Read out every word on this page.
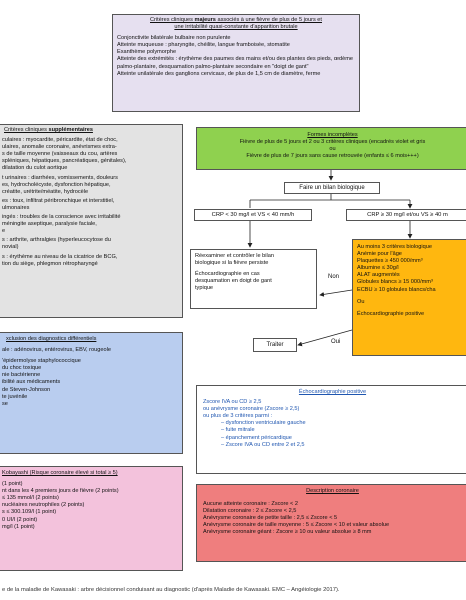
Critères cliniques majeurs associés à une fièvre de plus de 5 jours et
une irritabilité quasi-constante d'apparition brutale
Conjonctivite bilatérale bulbaire non purulente
Atteinte muqueuse : pharyngite, chéilite, langue framboisée, stomatite
Exanthème polymorphe
Atteinte des extrémités : érythème des paumes des mains et/ou des plantes des pieds, œdème
palmo-plantaire, desquamation palmo-plantaire secondaire en "doigt de gant"
Atteinte unilatérale des ganglions cervicaux, de plus de 1,5 cm de diamètre, ferme
Critères cliniques supplémentaires
culaires : myocardite, péricardite, état de choc,
ulaires, anomalie coronaire, anévrismes extra-
s de taille moyenne (vaisseaux du cou, artères
spléniques, hépatiques, pancréatiques, génitales),
dilatation du culot aortique
t urinaires : diarrhées, vomissements, douleurs
es, hydrocholécyste, dysfonction hépatique,
créatite, urétrite/méatite, hydrocèle
es : toux, infiltrat péribronchique et interstitiel,
ulmonaires
ingés : troubles de la conscience avec irritabilité
méningite aseptique, paralysie faciale,
e
s : arthrite, arthralgies (hyperleucocytose du
novial)
s : érythème au niveau de la cicatrice de BCG,
tion du siège, phlegmon rétropharyngé
Formes incomplètes
Fièvre de plus de 5 jours et 2 ou 3 critères cliniques (encadrés violet et gris
ou
Fièvre de plus de 7 jours sans cause retrouvée (enfants ≤ 6 mois+++)
Faire un bilan biologique
CRP < 30 mg/l et VS < 40 mm/h	CRP ≥ 30 mg/l et/ou VS ≥ 40 m
Réexaminer et contrôler le bilan
biologique si la fièvre persiste
Échocardiographie en cas
desquamation en doigt de gant
typique
Non
Oui
Traiter
Au moins 3 critères biologique
Anémie pour l'âge
Plaquettes ≥ 450 000/mm³
Albumine ≤ 30g/l
ALAT augmentés
Globules blancs ≥ 15 000/mm³
ECBU ≥ 10 globules blancs/cha
Ou
Échocardiographie positive
xclusion des diagnostics différentiels
ale : adénovirus, entérovirus, EBV, rougeole
'épidermolyse staphylococcique
du choc toxique
nie bactérienne
ibilité aux médicaments
de Steven-Johnson
te juvénile
se
Échocardiographie positive
Zscore IVA ou CD ≥ 2,5
ou anévrysme coronaire (Zscore ≥ 2,5)
ou plus de 3 critères parmi :
– dysfonction ventriculaire gauche
– fuite mitrale
– épanchement péricardique
– Zscore IVA ou CD entre 2 et 2,5
Kobayashi (Risque coronaire élevé si total ≥ 5)
(1 point)
nt dans les 4 premiers jours de fièvre (2 points)
≤ 135 mmol/l (2 points)
nucléaires neutrophiles (2 points)
s ≤ 300.109/l (1 point)
0 UI/l (2 point)
mg/l (1 point)
Description coronaire
Aucune atteinte coronaire : Zscore < 2
Dilatation coronaire : 2 ≤ Zscore < 2,5
Anévrysme coronaire de petite taille : 2,5 ≤ Zscore < 5
Anévrysme coronaire de taille moyenne : 5 ≤ Zscore < 10 et valeur absolue
Anévrysme coronaire géant : Zscore ≥ 10 ou valeur absolue ≥ 8 mm
e de la maladie de Kawasaki : arbre décisionnel conduisant au diagnostic (d'après Maladie de Kawasaki. EMC – Angéiologie 2017).
